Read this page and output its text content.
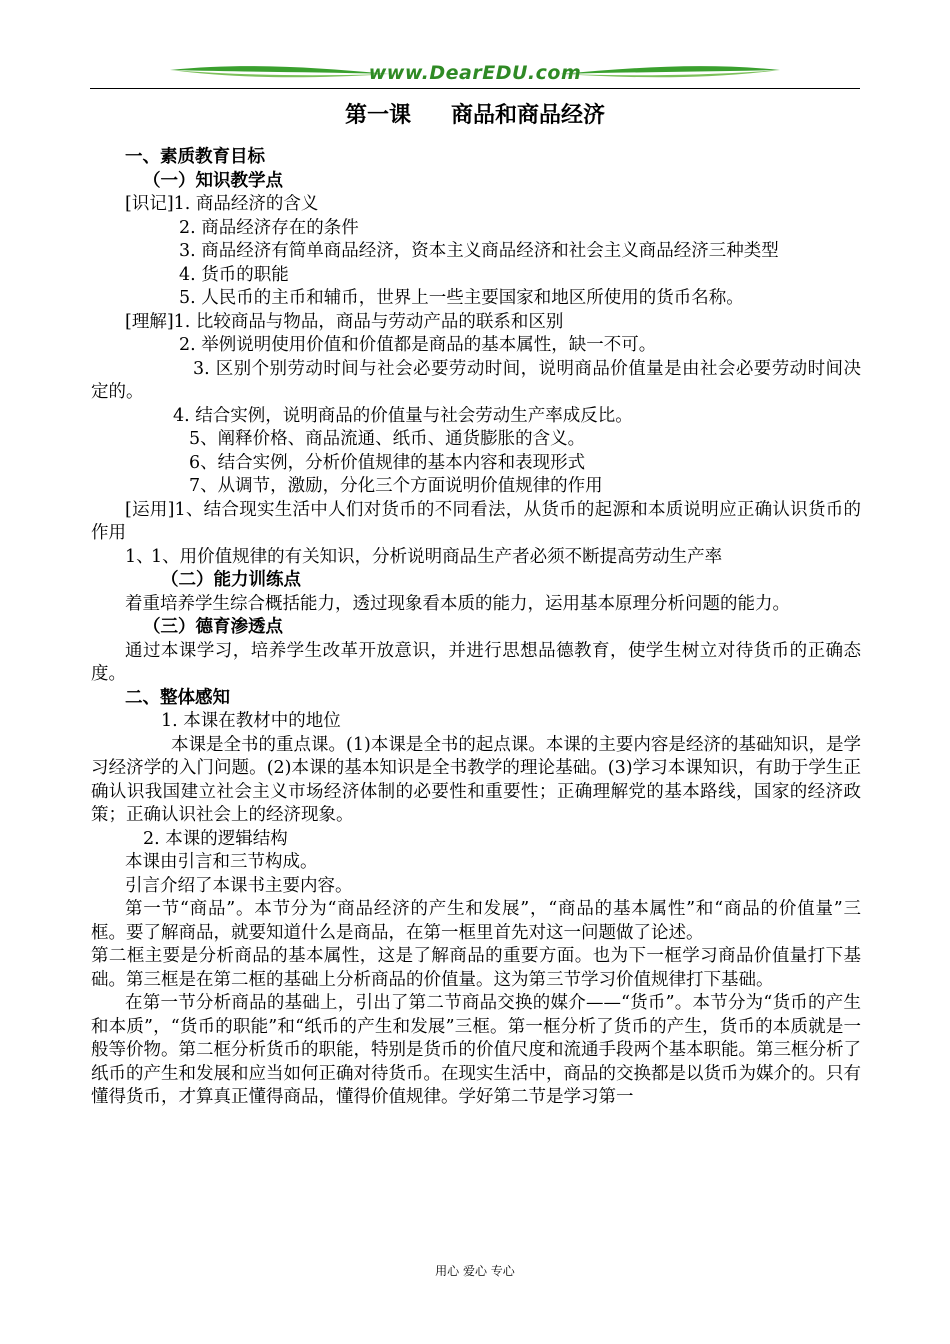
www.DearEDU.com
第一课 商品和商品经济

一、素质教育目标

（一）知识教学点

[识记]1. 商品经济的含义

2. 商品经济存在的条件

3. 商品经济有简单商品经济，资本主义商品经济和社会主义商品经济三种类型

4. 货币的职能

5. 人民币的主币和辅币，世界上一些主要国家和地区所使用的货币名称。

[理解]1. 比较商品与物品，商品与劳动产品的联系和区别

2. 举例说明使用价值和价值都是商品的基本属性，缺一不可。

3. 区别个别劳动时间与社会必要劳动时间，说明商品价值量是由社会必要劳动时间决定的。

4. 结合实例，说明商品的价值量与社会劳动生产率成反比。

5、阐释价格、商品流通、纸币、通货膨胀的含义。

6、结合实例，分析价值规律的基本内容和表现形式

7、从调节，激励，分化三个方面说明价值规律的作用

[运用]1、结合现实生活中人们对货币的不同看法，从货币的起源和本质说明应正确认识货币的作用

1、

1、用价值规律的有关知识，分析说明商品生产者必须不断提高劳动生产率

（二）能力训练点

着重培养学生综合概括能力，透过现象看本质的能力，运用基本原理分析问题的能力。

（三）德育渗透点

通过本课学习，培养学生改革开放意识，并进行思想品德教育，使学生树立对待货币的正确态度。

二、整体感知

1. 本课在教材中的地位

本课是全书的重点课。(1)本课是全书的起点课。本课的主要内容是经济的基础知识，是学习经济学的入门问题。(2)本课的基本知识是全书教学的理论基础。(3)学习本课知识，有助于学生正确认识我国建立社会主义市场经济体制的必要性和重要性；正确理解党的基本路线，国家的经济政策；正确认识社会上的经济现象。

2. 本课的逻辑结构

本课由引言和三节构成。

引言介绍了本课书主要内容。

第一节“商品”。本节分为“商品经济的产生和发展”，“商品的基本属性”和“商品的价值量”三框。要了解商品，就要知道什么是商品，在第一框里首先对这一问题做了论述。

第二框主要是分析商品的基本属性，这是了解商品的重要方面。也为下一框学习商品价值量打下基础。第三框是在第二框的基础上分析商品的价值量。这为第三节学习价值规律打下基础。

在第一节分析商品的基础上，引出了第二节商品交换的媒介——“货币”。本节分为“货币的产生和本质”，“货币的职能”和“纸币的产生和发展”三框。第一框分析了货币的产生，货币的本质就是一般等价物。第二框分析货币的职能，特别是货币的价值尺度和流通手段两个基本职能。第三框分析了纸币的产生和发展和应当如何正确对待货币。在现实生活中，商品的交换都是以货币为媒介的。只有懂得货币，才算真正懂得商品，懂得价值规律。学好第二节是学习第一

用心 爱心 专心
